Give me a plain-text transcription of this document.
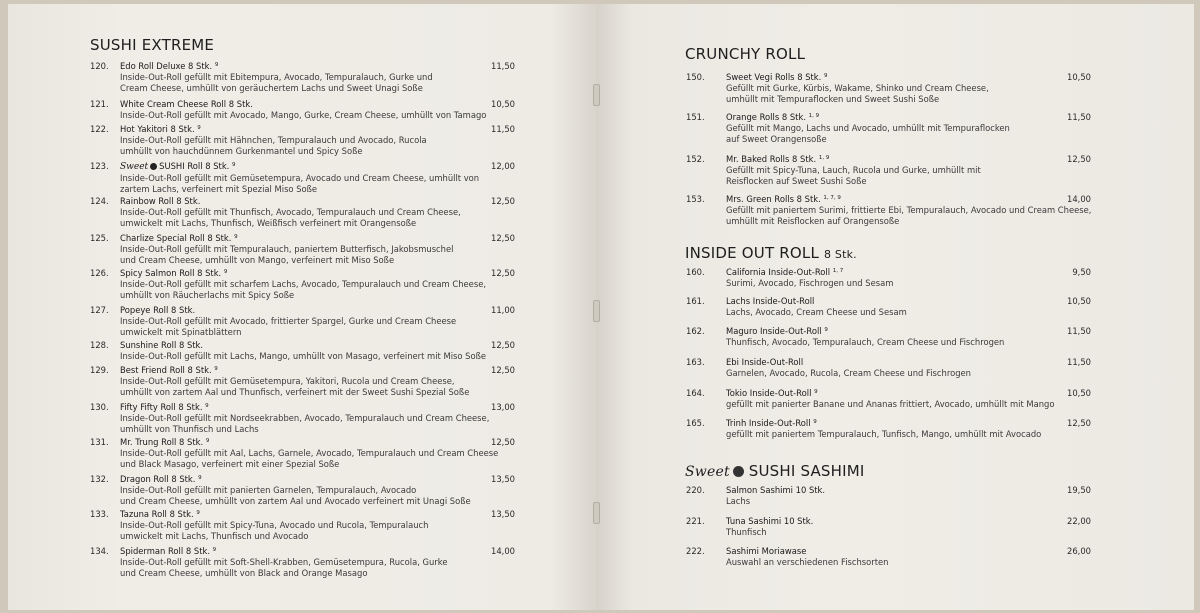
SUSHI EXTREME
120.	Edo Roll Deluxe 8 Stk. $^9$
Inside-Out-Roll gefüllt mit Ebitempura, Avocado, Tempuralauch, Gurke und
Cream Cheese, umhüllt von geräuchertem Lachs und Sweet Unagi Soße
11,50
121.	White Cream Cheese Roll 8 Stk.
Inside-Out-Roll gefüllt mit Avocado, Mango, Gurke, Cream Cheese, umhüllt von Tamago
10,50
122.	Hot Yakitori 8 Stk. $^9$
Inside-Out-Roll gefüllt mit Hähnchen, Tempuralauch und Avocado, Rucola
umhüllt von hauchdünnem Gurkenmantel und Spicy Soße
11,50
123.	Sweet SUSHI Roll 8 Stk. $^9$
Inside-Out-Roll gefüllt mit Gemüsetempura, Avocado und Cream Cheese, umhüllt von
zartem Lachs, verfeinert mit Spezial Miso Soße
12,00
124.	Rainbow Roll 8 Stk.
Inside-Out-Roll gefüllt mit Thunfisch, Avocado, Tempuralauch und Cream Cheese,
umwickelt mit Lachs, Thunfisch, Weißfisch verfeinert mit Orangensoße
12,50
125.	Charlize Special Roll 8 Stk. $^9$
Inside-Out-Roll gefüllt mit Tempuralauch, paniertem Butterfisch, Jakobsmuschel
und Cream Cheese, umhüllt von Mango, verfeinert mit Miso Soße
12,50
126.	Spicy Salmon Roll 8 Stk. $^9$
Inside-Out-Roll gefüllt mit scharfem Lachs, Avocado, Tempuralauch und Cream Cheese,
umhüllt von Räucherlachs mit Spicy Soße
12,50
127.	Popeye Roll 8 Stk.
Inside-Out-Roll gefüllt mit Avocado, frittierter Spargel, Gurke und Cream Cheese
umwickelt mit Spinatblättern
11,00
128.	Sunshine Roll 8 Stk.
Inside-Out-Roll gefüllt mit Lachs, Mango, umhüllt von Masago, verfeinert mit Miso Soße
12,50
129.	Best Friend Roll 8 Stk. $^9$
Inside-Out-Roll gefüllt mit Gemüsetempura, Yakitori, Rucola und Cream Cheese,
umhüllt von zartem Aal und Thunfisch, verfeinert mit der Sweet Sushi Spezial Soße
12,50
130.	Fifty Fifty Roll 8 Stk. $^9$
Inside-Out-Roll gefüllt mit Nordseekrabben, Avocado, Tempuralauch und Cream Cheese,
umhüllt von Thunfisch und Lachs
13,00
131.	Mr. Trung Roll 8 Stk. $^9$
Inside-Out-Roll gefüllt mit Aal, Lachs, Garnele, Avocado, Tempuralauch und Cream Cheese
und Black Masago, verfeinert mit einer Spezial Soße
12,50
132.	Dragon Roll 8 Stk. $^9$
Inside-Out-Roll gefüllt mit panierten Garnelen, Tempuralauch, Avocado
und Cream Cheese, umhüllt von zartem Aal und Avocado verfeinert mit Unagi Soße
13,50
133.	Tazuna Roll 8 Stk. $^9$
Inside-Out-Roll gefüllt mit Spicy-Tuna, Avocado und Rucola, Tempuralauch
umwickelt mit Lachs, Thunfisch und Avocado
13,50
134.	Spiderman Roll 8 Stk. $^9$
Inside-Out-Roll gefüllt mit Soft-Shell-Krabben, Gemüsetempura, Rucola, Gurke
und Cream Cheese, umhüllt von Black and Orange Masago
14,00
CRUNCHY ROLL
150.	Sweet Vegi Rolls 8 Stk. $^9$
Gefüllt mit Gurke, Kürbis, Wakame, Shinko und Cream Cheese,
umhüllt mit Tempuraflocken und Sweet Sushi Soße
10,50
151.	Orange Rolls 8 Stk. $^{1, 9}$
Gefüllt mit Mango, Lachs und Avocado, umhüllt mit Tempuraflocken
auf Sweet Orangensoße
11,50
152.	Mr. Baked Rolls 8 Stk. $^{1, 9}$
Gefüllt mit Spicy-Tuna, Lauch, Rucola und Gurke, umhüllt mit
Reisflocken auf Sweet Sushi Soße
12,50
153.	Mrs. Green Rolls 8 Stk. $^{1, 7, 9}$
Gefüllt mit paniertem Surimi, frittierte Ebi, Tempuralauch, Avocado und Cream Cheese,
umhüllt mit Reisflocken auf Orangensoße
14,00
INSIDE OUT ROLL 8 Stk.
160.	California Inside-Out-Roll $^{1, 7}$
Surimi, Avocado, Fischrogen und Sesam
9,50
161.	Lachs Inside-Out-Roll
Lachs, Avocado, Cream Cheese und Sesam
10,50
162.	Maguro Inside-Out-Roll $^9$
Thunfisch, Avocado, Tempuralauch, Cream Cheese und Fischrogen
11,50
163.	Ebi Inside-Out-Roll
Garnelen, Avocado, Rucola, Cream Cheese und Fischrogen
11,50
164.	Tokio Inside-Out-Roll $^9$
gefüllt mit panierter Banane und Ananas frittiert, Avocado, umhüllt mit Mango
10,50
165.	Trinh Inside-Out-Roll $^9$
gefüllt mit paniertem Tempuralauch, Tunfisch, Mango, umhüllt mit Avocado
12,50
Sweet SUSHI SASHIMI
220.	Salmon Sashimi 10 Stk.
Lachs
19,50
221.	Tuna Sashimi 10 Stk.
Thunfisch
22,00
222.	Sashimi Moriawase
Auswahl an verschiedenen Fischsorten
26,00
